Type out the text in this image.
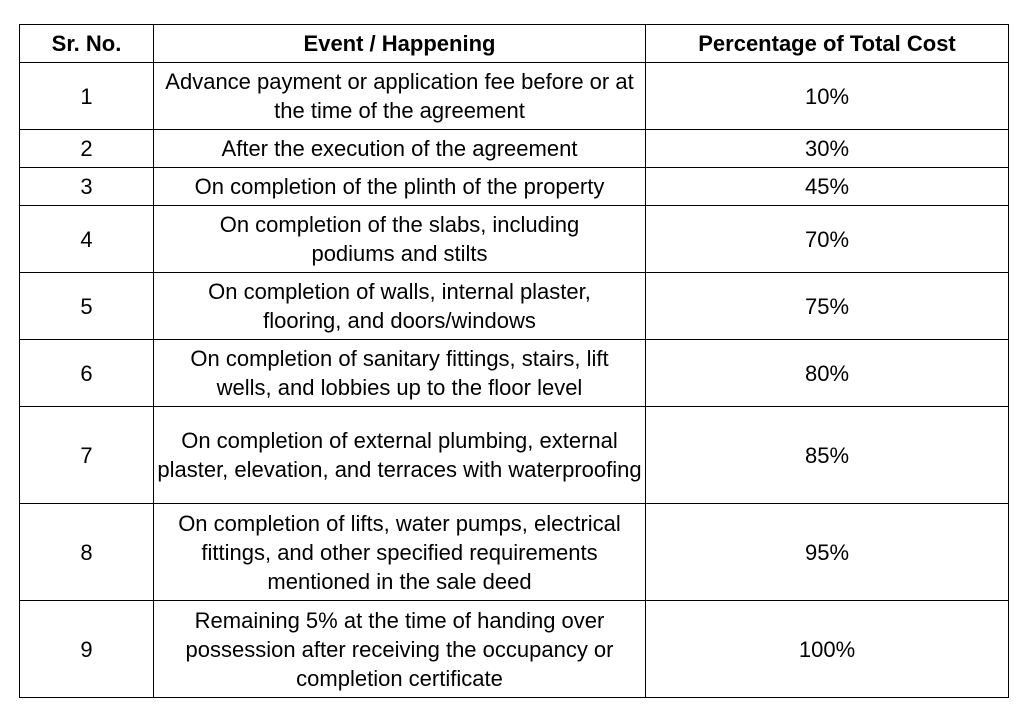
Sr. No.	Event / Happening	Percentage of Total Cost
1	Advance payment or application fee before or at the time of the agreement	10%
2	After the execution of the agreement	30%
3	On completion of the plinth of the property	45%
4	On completion of the slabs, including podiums and stilts	70%
5	On completion of walls, internal plaster, flooring, and doors/windows	75%
6	On completion of sanitary fittings, stairs, lift wells, and lobbies up to the floor level	80%
7	On completion of external plumbing, external plaster, elevation, and terraces with waterproofing	85%
8	On completion of lifts, water pumps, electrical fittings, and other specified requirements mentioned in the sale deed	95%
9	Remaining 5% at the time of handing over possession after receiving the occupancy or completion certificate	100%
